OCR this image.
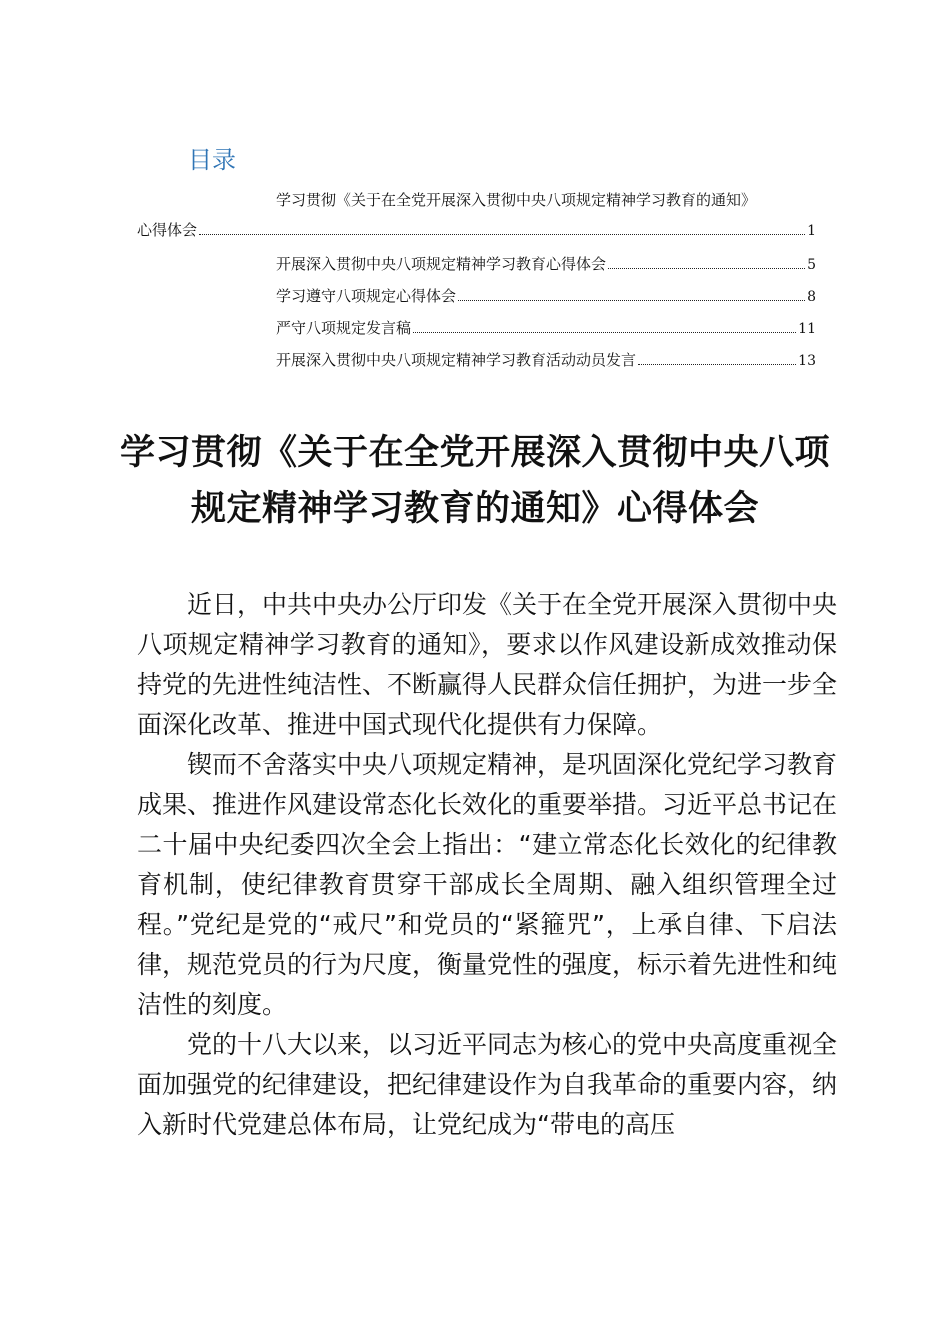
目录
学习贯彻《关于在全党开展深入贯彻中央八项规定精神学习教育的通知》
心得体会	1
开展深入贯彻中央八项规定精神学习教育心得体会	5
学习遵守八项规定心得体会	8
严守八项规定发言稿	11
开展深入贯彻中央八项规定精神学习教育活动动员发言	13
学习贯彻《关于在全党开展深入贯彻中央八项规定精神学习教育的通知》心得体会

近日，中共中央办公厅印发《关于在全党开展深入贯彻中央八项规定精神学习教育的通知》，要求以作风建设新成效推动保持党的先进性纯洁性、不断赢得人民群众信任拥护，为进一步全面深化改革、推进中国式现代化提供有力保障。

锲而不舍落实中央八项规定精神，是巩固深化党纪学习教育成果、推进作风建设常态化长效化的重要举措。习近平总书记在二十届中央纪委四次全会上指出：“建立常态化长效化的纪律教育机制，使纪律教育贯穿干部成长全周期、融入组织管理全过程。”党纪是党的“戒尺”和党员的“紧箍咒”，上承自律、下启法律，规范党员的行为尺度，衡量党性的强度，标示着先进性和纯洁性的刻度。

党的十八大以来，以习近平同志为核心的党中央高度重视全面加强党的纪律建设，把纪律建设作为自我革命的重要内容，纳入新时代党建总体布局，让党纪成为“带电的高压
